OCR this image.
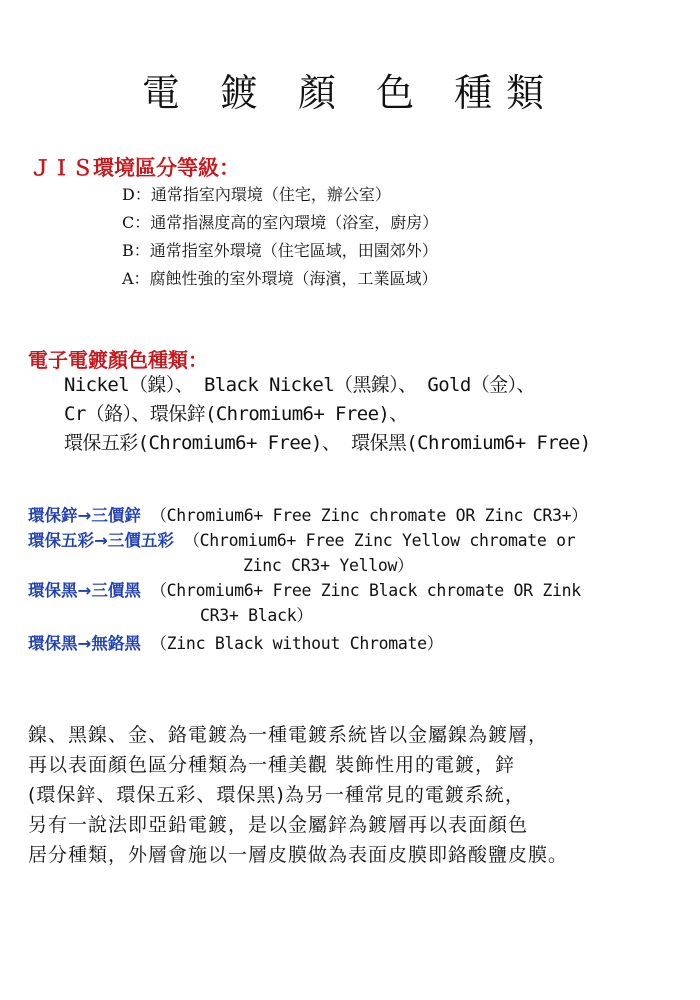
電 鍍 顏 色 種類
ＪＩＳ環境區分等級：
D：通常指室內環境（住宅，辦公室）
C：通常指濕度高的室內環境（浴室，廚房）
B：通常指室外環境（住宅區域，田園郊外）
A：腐蝕性強的室外環境（海濱，工業區域）
電子電鍍顏色種類：
Nickel（鎳）、 Black Nickel（黑鎳）、 Gold（金）、
Cr（鉻）、環保鋅(Chromium6+ Free)、
環保五彩(Chromium6+ Free)、 環保黑(Chromium6+ Free)
環保鋅→三價鋅 （Chromium6+ Free Zinc chromate OR Zinc CR3+）
環保五彩→三價五彩 （Chromium6+ Free Zinc Yellow chromate or
Zinc CR3+ Yellow）
環保黑→三價黑 （Chromium6+ Free Zinc Black chromate OR Zink
CR3+ Black）
環保黑→無鉻黑 （Zinc Black without Chromate）
鎳、黑鎳、金、鉻電鍍為一種電鍍系統皆以金屬鎳為鍍層，
再以表面顏色區分種類為一種美觀 裝飾性用的電鍍，鋅
(環保鋅、環保五彩、環保黑)為另一種常見的電鍍系統，
另有一說法即亞鉛電鍍，是以金屬鋅為鍍層再以表面顏色
居分種類，外層會施以一層皮膜做為表面皮膜即鉻酸鹽皮膜。
